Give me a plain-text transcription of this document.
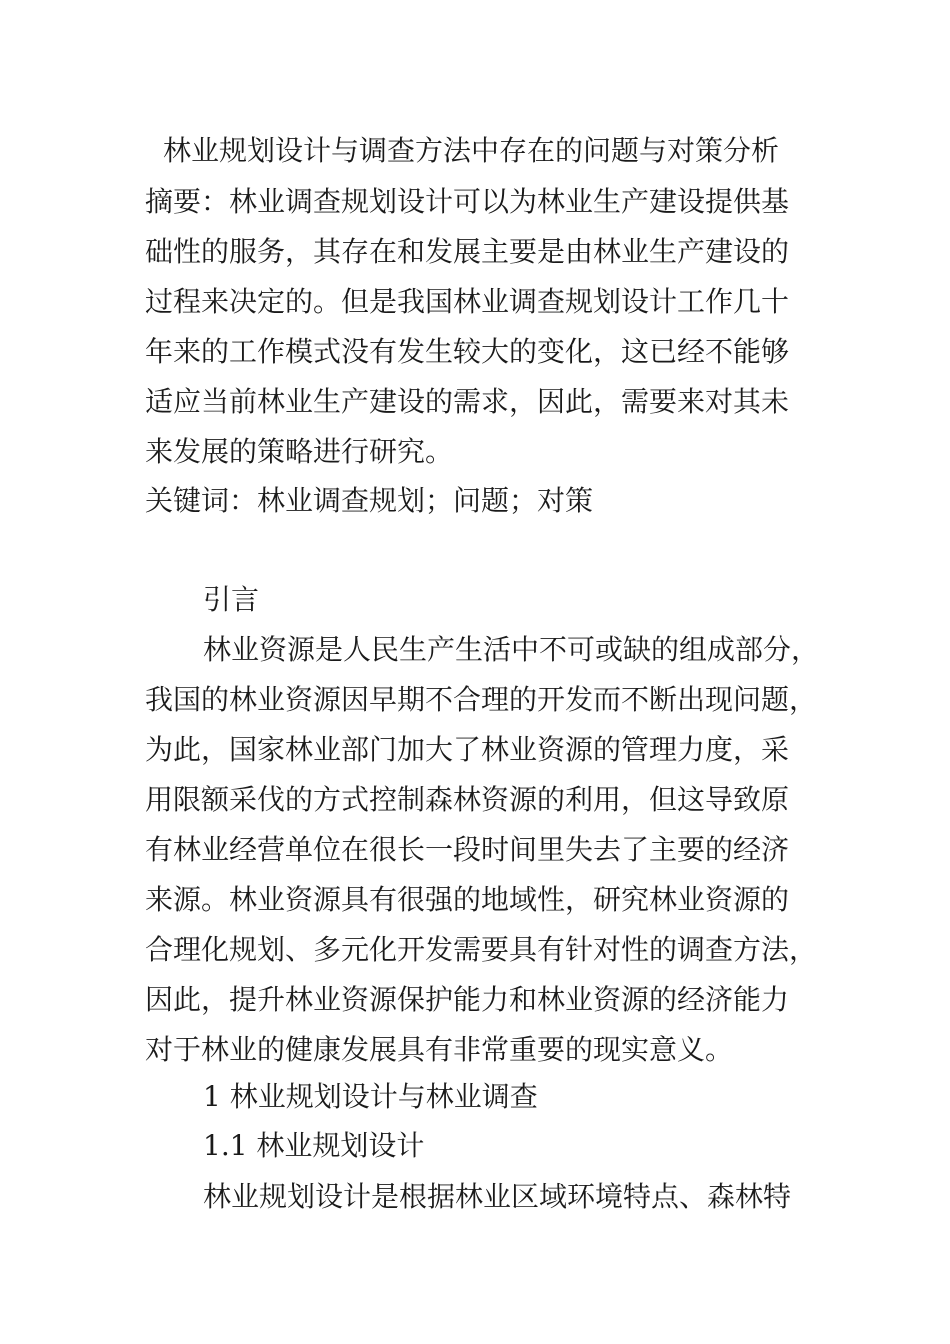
林业规划设计与调查方法中存在的问题与对策分析
摘要：林业调查规划设计可以为林业生产建设提供基
础性的服务，其存在和发展主要是由林业生产建设的
过程来决定的。但是我国林业调查规划设计工作几十
年来的工作模式没有发生较大的变化，这已经不能够
适应当前林业生产建设的需求，因此，需要来对其未
来发展的策略进行研究。
关键词：林业调查规划；问题；对策
引言
林业资源是人民生产生活中不可或缺的组成部分，
我国的林业资源因早期不合理的开发而不断出现问题，
为此，国家林业部门加大了林业资源的管理力度，采
用限额采伐的方式控制森林资源的利用，但这导致原
有林业经营单位在很长一段时间里失去了主要的经济
来源。林业资源具有很强的地域性，研究林业资源的
合理化规划、多元化开发需要具有针对性的调查方法，
因此，提升林业资源保护能力和林业资源的经济能力
对于林业的健康发展具有非常重要的现实意义。
1 林业规划设计与林业调查
1.1 林业规划设计
林业规划设计是根据林业区域环境特点、森林特
